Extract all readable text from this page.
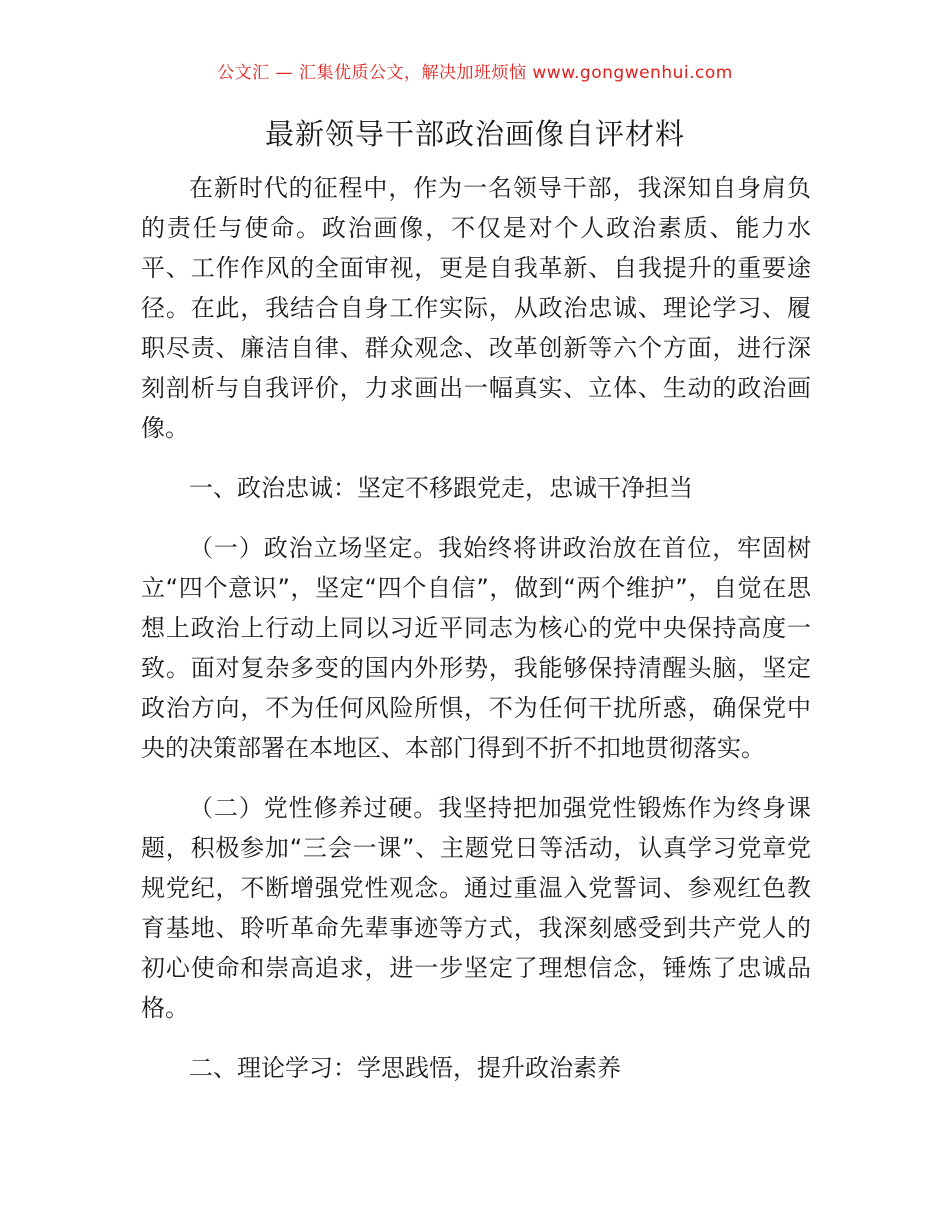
公文汇 — 汇集优质公文，解决加班烦恼 www.gongwenhui.com
最新领导干部政治画像自评材料

在新时代的征程中，作为一名领导干部，我深知自身肩负的责任与使命。政治画像，不仅是对个人政治素质、能力水平、工作作风的全面审视，更是自我革新、自我提升的重要途径。在此，我结合自身工作实际，从政治忠诚、理论学习、履职尽责、廉洁自律、群众观念、改革创新等六个方面，进行深刻剖析与自我评价，力求画出一幅真实、立体、生动的政治画像。

一、政治忠诚：坚定不移跟党走，忠诚干净担当

（一）政治立场坚定。我始终将讲政治放在首位，牢固树立“四个意识”，坚定“四个自信”，做到“两个维护”，自觉在思想上政治上行动上同以习近平同志为核心的党中央保持高度一致。面对复杂多变的国内外形势，我能够保持清醒头脑，坚定政治方向，不为任何风险所惧，不为任何干扰所惑，确保党中央的决策部署在本地区、本部门得到不折不扣地贯彻落实。

（二）党性修养过硬。我坚持把加强党性锻炼作为终身课题，积极参加“三会一课”、主题党日等活动，认真学习党章党规党纪，不断增强党性观念。通过重温入党誓词、参观红色教育基地、聆听革命先辈事迹等方式，我深刻感受到共产党人的初心使命和崇高追求，进一步坚定了理想信念，锤炼了忠诚品格。

二、理论学习：学思践悟，提升政治素养
